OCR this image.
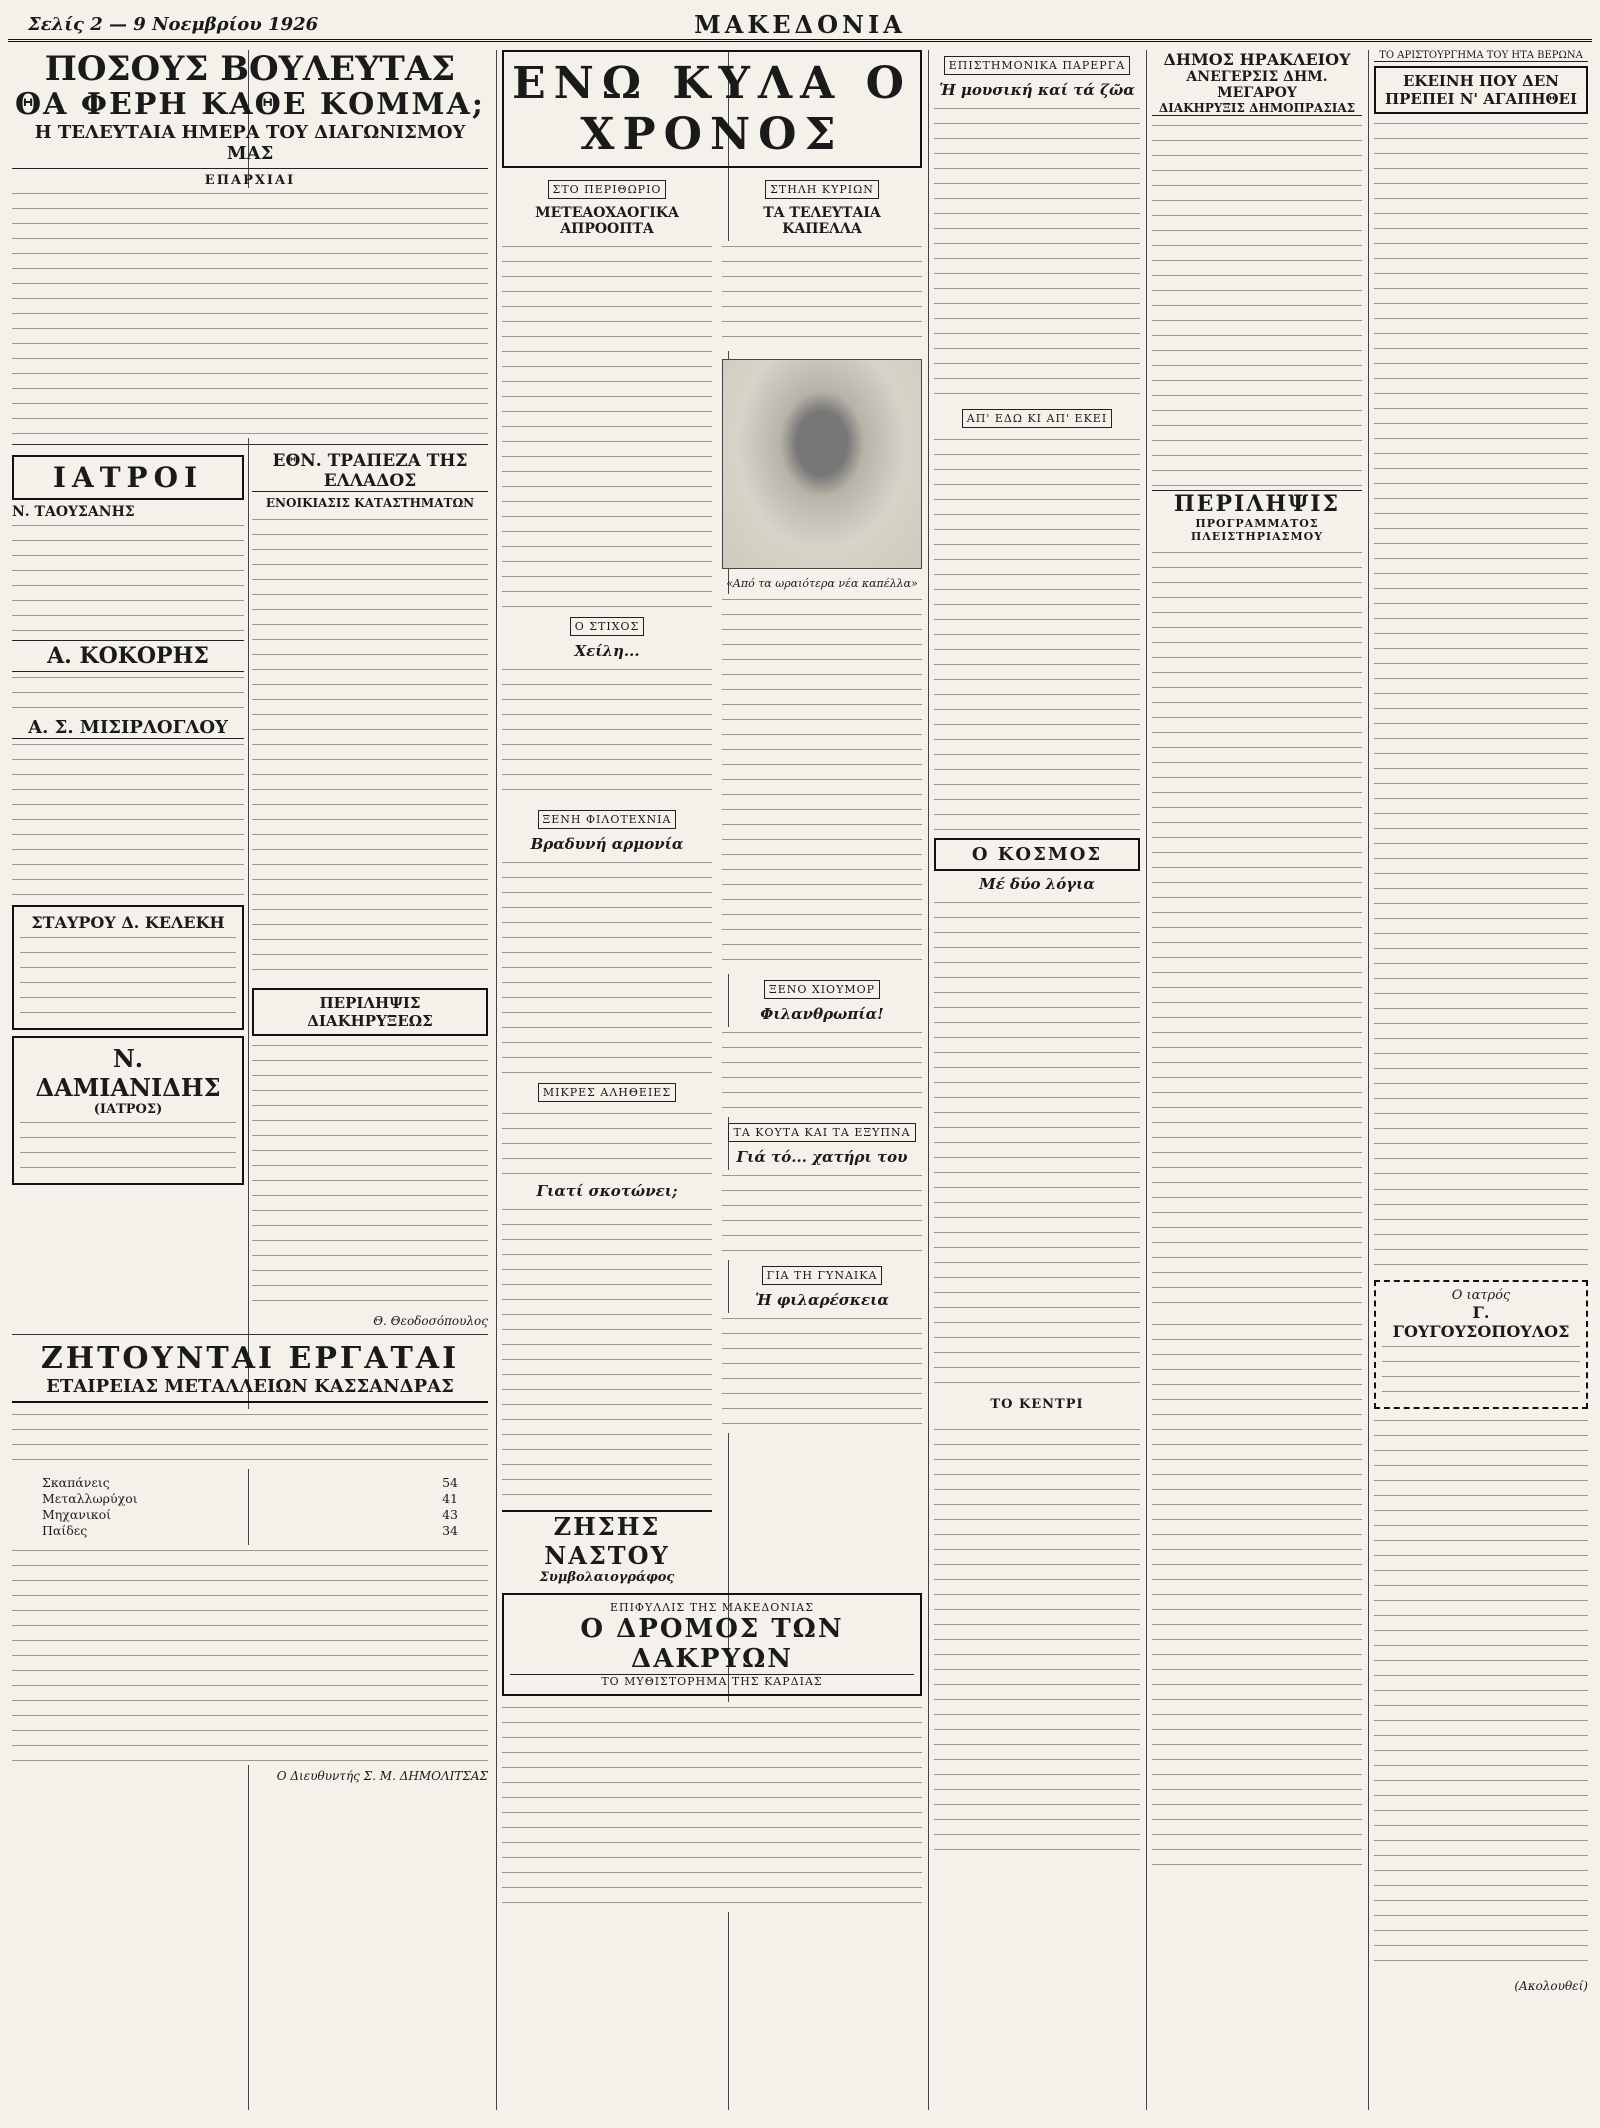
Σελίς 2 — 9 Νοεμβρίου 1926	ΜΑΚΕΔΟΝΙΑ
ΠΟΣΟΥΣ ΒΟΥΛΕΥΤΑΣ
ΘΑ ΦΕΡΗ ΚΑΘΕ ΚΟΜΜΑ;
Η ΤΕΛΕΥΤΑΙΑ ΗΜΕΡΑ ΤΟΥ ΔΙΑΓΩΝΙΣΜΟΥ ΜΑΣ
ΕΠΑΡΧΙΑΙ
ΙΑΤΡΟΙ
Ν. ΤΑΟΥΣΑΝΗΣ
Α. ΚΟΚΟΡΗΣ
Α. Σ. ΜΙΣΙΡΛΟΓΛΟΥ
ΣΤΑΥΡΟΥ Δ. ΚΕΛΕΚΗ
Ν. ΔΑΜΙΑΝΙΔΗΣ
(ΙΑΤΡΟΣ)
ΕΘΝ. ΤΡΑΠΕΖΑ ΤΗΣ ΕΛΛΑΔΟΣ
ΕΝΟΙΚΙΑΣΙΣ ΚΑΤΑΣΤΗΜΑΤΩΝ
ΠΕΡΙΛΗΨΙΣ ΔΙΑΚΗΡΥΞΕΩΣ
Θ. Θεοδοσόπουλος
ΖΗΤΟΥΝΤΑΙ ΕΡΓΑΤΑΙ
ΕΤΑΙΡΕΙΑΣ ΜΕΤΑΛΛΕΙΩΝ ΚΑΣΣΑΝΔΡΑΣ
Σκαπάνεις	54
Μεταλλωρύχοι	41
Μηχανικοί	43
Παίδες	34
Ο Διευθυντής Σ. Μ. ΔΗΜΟΛΙΤΣΑΣ
ΕΝΩ ΚΥΛΑ Ο ΧΡΟΝΟΣ
ΣΤΟ ΠΕΡΙΘΩΡΙΟ
ΜΕΤΕΑΟΧΑΟΓΙΚΑ ΑΠΡΟΟΠΤΑ
Ο ΣΤΙΧΟΣ
Χείλη...
ΞΕΝΗ ΦΙΛΟΤΕΧΝΙΑ
Βραδυνή αρμονία
ΜΙΚΡΕΣ ΑΛΗΘΕΙΕΣ
Γιατί σκοτώνει;
ΖΗΣΗΣ ΝΑΣΤΟΥ
Συμβολαιογράφος
ΣΤΗΛΗ ΚΥΡΙΩΝ
ΤΑ ΤΕΛΕΥΤΑΙΑ ΚΑΠΕΛΛΑ
«Από τα ωραιότερα νέα καπέλλα»
ΞΕΝΟ ΧΙΟΥΜΟΡ
Φιλανθρωπία!
ΤΑ ΚΟΥΤΑ ΚΑΙ ΤΑ ΕΞΥΠΝΑ
Γιά τό... χατήρι του
ΓΙΑ ΤΗ ΓΥΝΑΙΚΑ
Ἡ φιλαρέσκεια
ΕΠΙΦΥΛΛΙΣ ΤΗΣ ΜΑΚΕΔΟΝΙΑΣ
Ο ΔΡΟΜΟΣ ΤΩΝ ΔΑΚΡΥΩΝ
ΤΟ ΜΥΘΙΣΤΟΡΗΜΑ ΤΗΣ ΚΑΡΔΙΑΣ
ΕΠΙΣΤΗΜΟΝΙΚΑ ΠΑΡΕΡΓΑ
Ἡ μουσική καί τά ζῶα
ΑΠ' ΕΔΩ ΚΙ ΑΠ' ΕΚΕΙ
Ο ΚΟΣΜΟΣ
Μέ δύο λόγια
ΤΟ ΚΕΝΤΡΙ
ΔΗΜΟΣ ΗΡΑΚΛΕΙΟΥ
ΑΝΕΓΕΡΣΙΣ ΔΗΜ. ΜΕΓΑΡΟΥ
ΔΙΑΚΗΡΥΞΙΣ ΔΗΜΟΠΡΑΣΙΑΣ
ΠΕΡΙΛΗΨΙΣ
ΠΡΟΓΡΑΜΜΑΤΟΣ ΠΛΕΙΣΤΗΡΙΑΣΜΟΥ
ΤΟ ΑΡΙΣΤΟΥΡΓΗΜΑ ΤΟΥ ΗΤΑ ΒΕΡΩΝΑ
ΕΚΕΙΝΗ ΠΟΥ ΔΕΝ ΠΡΕΠΕΙ Ν' ΑΓΑΠΗΘΕΙ
Ο ιατρός
Γ. ΓΟΥΓΟΥΣΟΠΟΥΛΟΣ
(Ακολουθεί)
